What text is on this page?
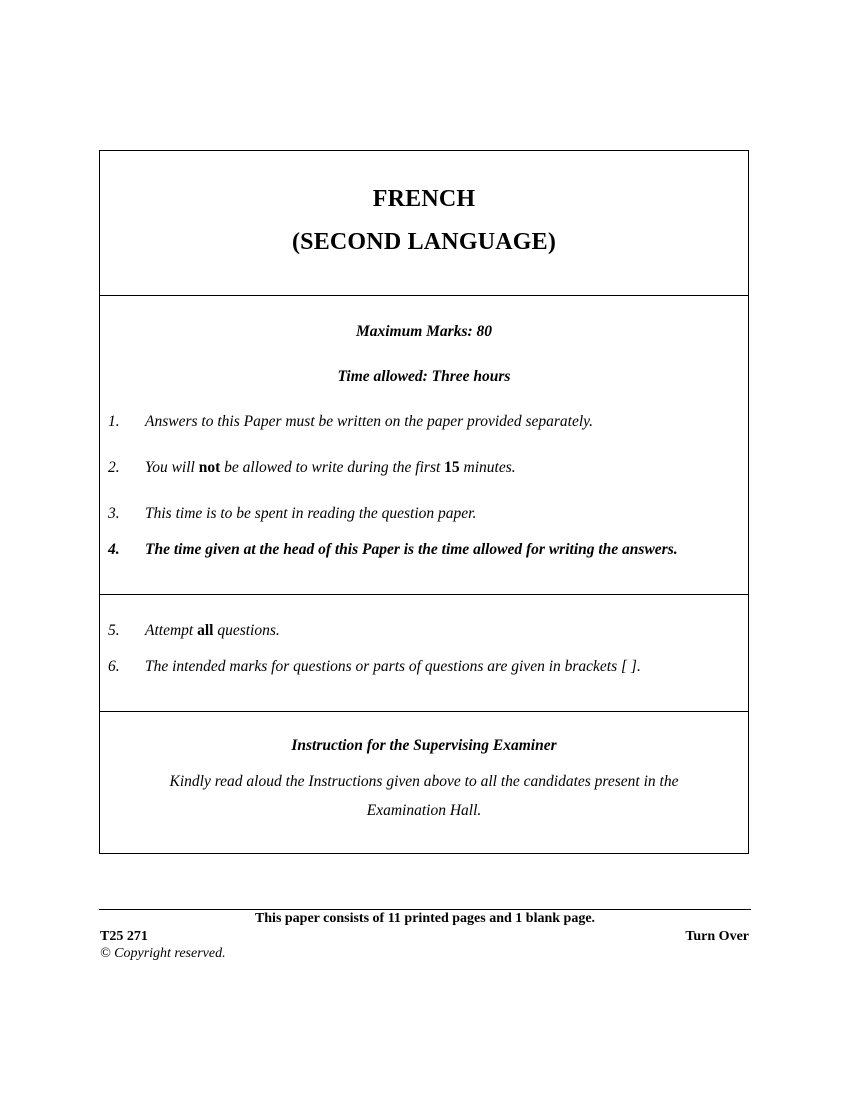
FRENCH
(SECOND LANGUAGE)
Maximum Marks: 80
Time allowed: Three hours
1. Answers to this Paper must be written on the paper provided separately.
2. You will not be allowed to write during the first 15 minutes.
3. This time is to be spent in reading the question paper.
4. The time given at the head of this Paper is the time allowed for writing the answers.
5. Attempt all questions.
6. The intended marks for questions or parts of questions are given in brackets [ ].
Instruction for the Supervising Examiner
Kindly read aloud the Instructions given above to all the candidates present in the
Examination Hall.
This paper consists of 11 printed pages and 1 blank page.
T25 271	Turn Over
© Copyright reserved.
